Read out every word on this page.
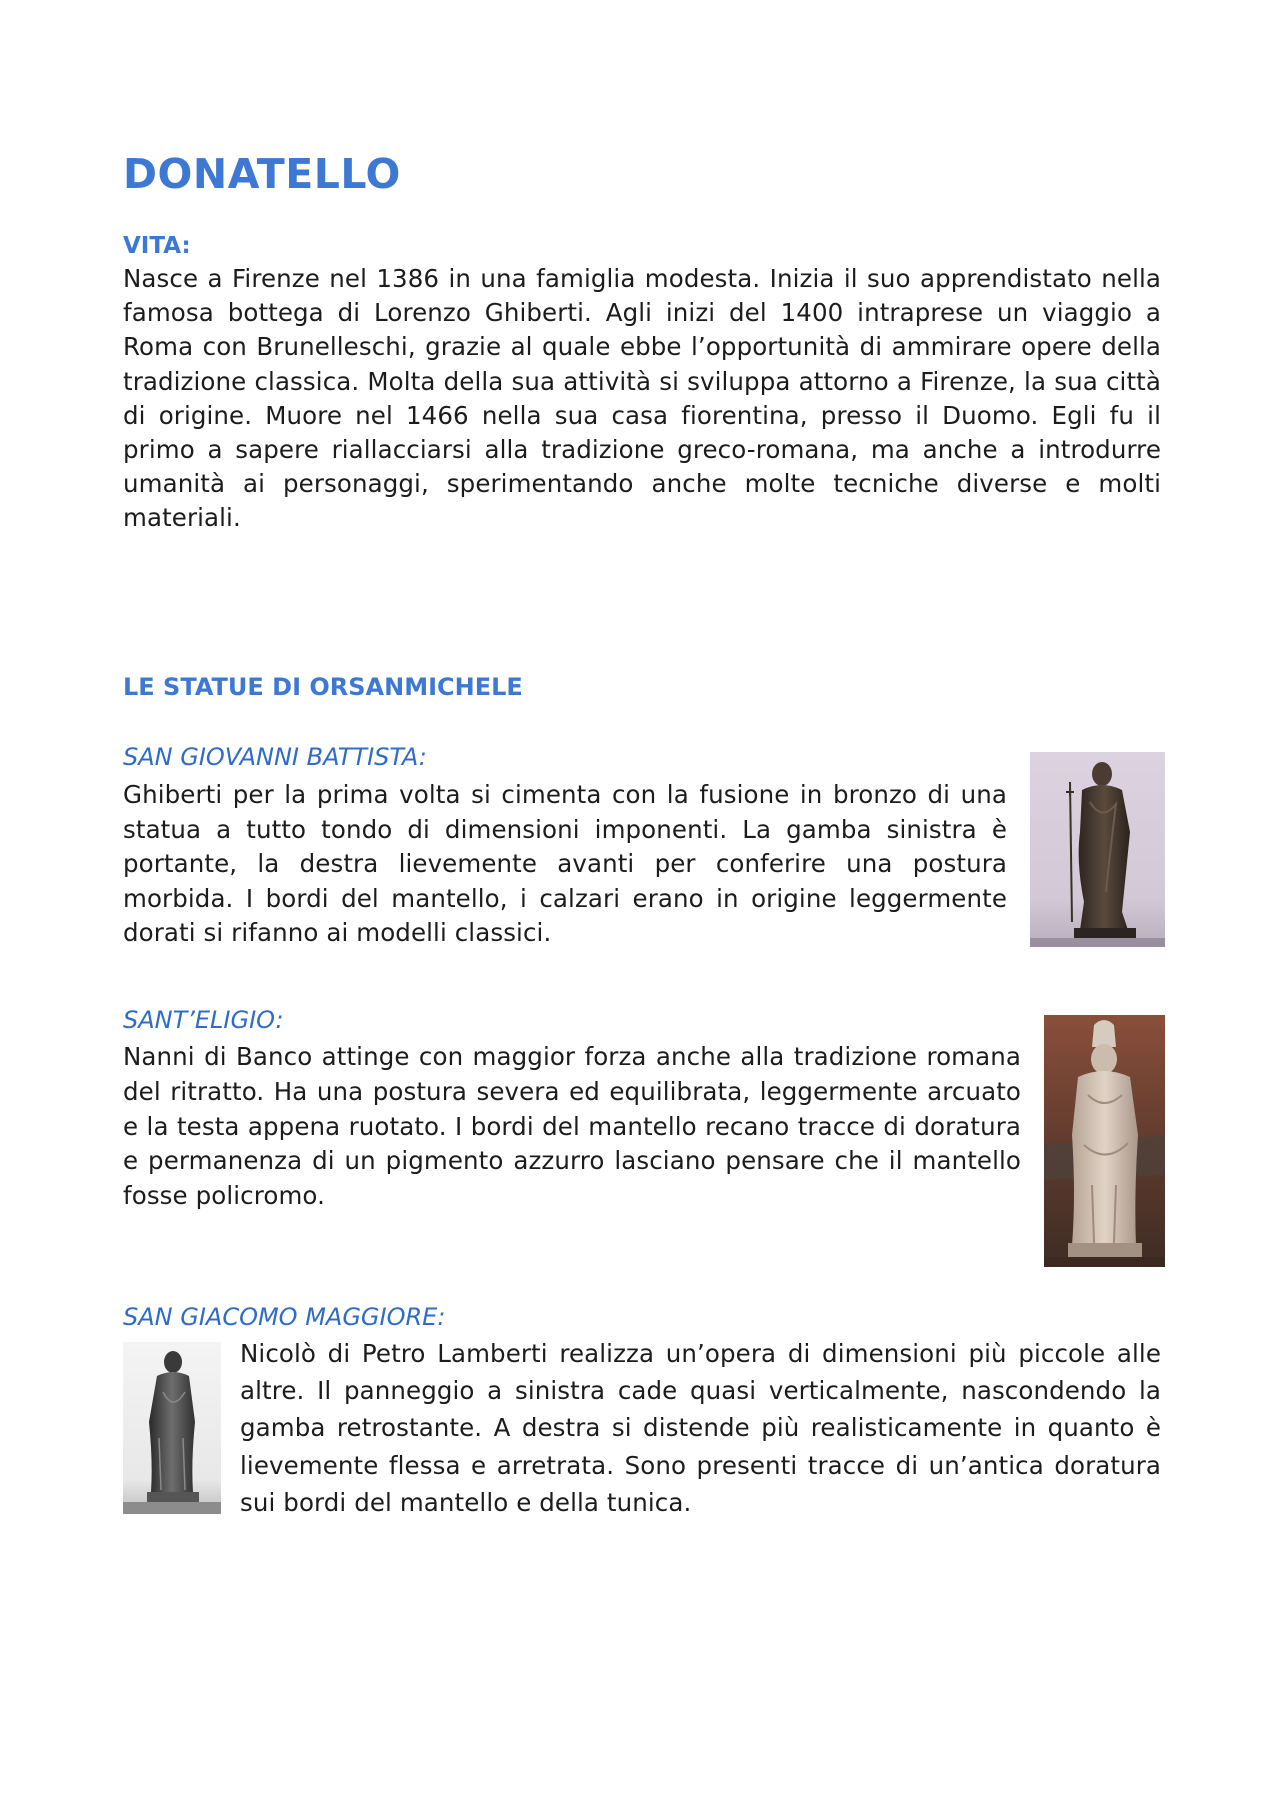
DONATELLO
VITA:

Nasce a Firenze nel 1386 in una famiglia modesta. Inizia il suo apprendistato nella famosa bottega di Lorenzo Ghiberti. Agli inizi del 1400 intraprese un viaggio a Roma con Brunelleschi, grazie al quale ebbe l’opportunità di ammirare opere della tradizione classica. Molta della sua attività si sviluppa attorno a Firenze, la sua città di origine. Muore nel 1466 nella sua casa fiorentina, presso il Duomo. Egli fu il primo a sapere riallacciarsi alla tradizione greco-romana, ma anche a introdurre umanità ai personaggi, sperimentando anche molte tecniche diverse e molti materiali.

LE STATUE DI ORSANMICHELE
SAN GIOVANNI BATTISTA:

Ghiberti per la prima volta si cimenta con la fusione in bronzo di una statua a tutto tondo di dimensioni imponenti. La gamba sinistra è portante, la destra lievemente avanti per conferire una postura morbida. I bordi del mantello, i calzari erano in origine leggermente dorati si rifanno ai modelli classici.

SANT’ELIGIO:

Nanni di Banco attinge con maggior forza anche alla tradizione romana del ritratto. Ha una postura severa ed equilibrata, leggermente arcuato e la testa appena ruotato. I bordi del mantello recano tracce di doratura e permanenza di un pigmento azzurro lasciano pensare che il mantello fosse policromo.

SAN GIACOMO MAGGIORE:

Nicolò di Petro Lamberti realizza un’opera di dimensioni più piccole alle altre. Il panneggio a sinistra cade quasi verticalmente, nascondendo la gamba retrostante. A destra si distende più realisticamente in quanto è lievemente flessa e arretrata. Sono presenti tracce di un’antica doratura sui bordi del mantello e della tunica.
